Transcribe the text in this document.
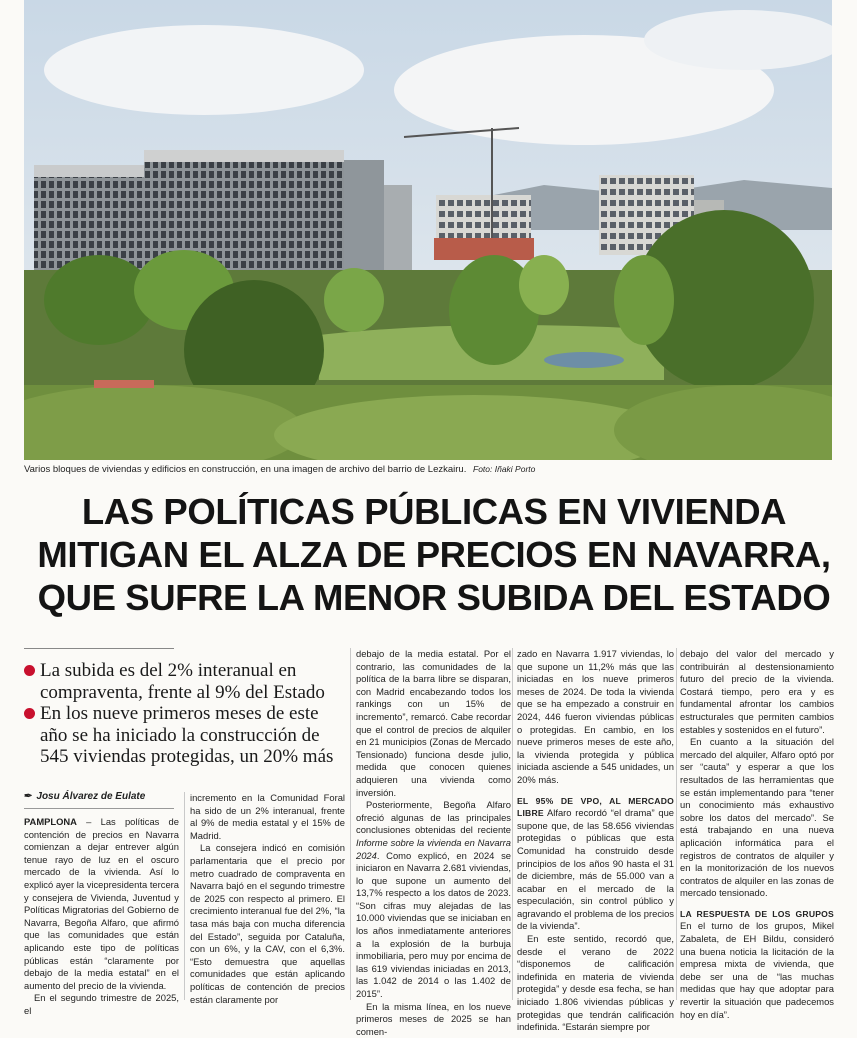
Varios bloques de viviendas y edificios en construcción, en una imagen de archivo del barrio de Lezkairu. Foto: Iñaki Porto
LAS POLÍTICAS PÚBLICAS EN VIVIENDA
MITIGAN EL ALZA DE PRECIOS EN NAVARRA,
QUE SUFRE LA MENOR SUBIDA DEL ESTADO

La subida es del 2% interanual en compraventa, frente al 9% del Estado

En los nueve primeros meses de este año se ha iniciado la construcción de 545 viviendas protegidas, un 20% más

✒ Josu Álvarez de Eulate

PAMPLONA – Las políticas de contención de precios en Navarra comienzan a dejar entrever algún tenue rayo de luz en el oscuro mercado de la vivienda. Así lo explicó ayer la vicepresidenta tercera y consejera de Vivienda, Juventud y Políticas Migratorias del Gobierno de Navarra, Begoña Alfaro, que afirmó que las comunidades que están aplicando este tipo de políticas públicas están “claramente por debajo de la media estatal” en el aumento del precio de la vivienda.

En el segundo trimestre de 2025, el

incremento en la Comunidad Foral ha sido de un 2% interanual, frente al 9% de media estatal y el 15% de Madrid.

La consejera indicó en comisión parlamentaria que el precio por metro cuadrado de compraventa en Navarra bajó en el segundo trimestre de 2025 con respecto al primero. El crecimiento interanual fue del 2%, “la tasa más baja con mucha diferencia del Estado”, seguida por Cataluña, con un 6%, y la CAV, con el 6,3%. “Esto demuestra que aquellas comunidades que están aplicando políticas de contención de precios están claramente por

debajo de la media estatal. Por el contrario, las comunidades de la política de la barra libre se disparan, con Madrid encabezando todos los rankings con un 15% de incremento”, remarcó. Cabe recordar que el control de precios de alquiler en 21 municipios (Zonas de Mercado Tensionado) funciona desde julio, medida que conocen quienes adquieren una vivienda como inversión.

Posteriormente, Begoña Alfaro ofreció algunas de las principales conclusiones obtenidas del reciente Informe sobre la vivienda en Navarra 2024. Como explicó, en 2024 se iniciaron en Navarra 2.681 viviendas, lo que supone un aumento del 13,7% respecto a los datos de 2023. “Son cifras muy alejadas de las 10.000 viviendas que se iniciaban en los años inmediatamente anteriores a la explosión de la burbuja inmobiliaria, pero muy por encima de las 619 viviendas iniciadas en 2013, las 1.042 de 2014 o las 1.402 de 2015”.

En la misma línea, en los nueve primeros meses de 2025 se han comen-

zado en Navarra 1.917 viviendas, lo que supone un 11,2% más que las iniciadas en los nueve primeros meses de 2024. De toda la vivienda que se ha empezado a construir en 2024, 446 fueron viviendas públicas o protegidas. En cambio, en los nueve primeros meses de este año, la vivienda protegida y pública iniciada asciende a 545 unidades, un 20% más.

EL 95% DE VPO, AL MERCADO LIBRE Alfaro recordó “el drama” que supone que, de las 58.656 viviendas protegidas o públicas que esta Comunidad ha construido desde principios de los años 90 hasta el 31 de diciembre, más de 55.000 van a acabar en el mercado de la especulación, sin control público y agravando el problema de los precios de la vivienda”.

En este sentido, recordó que, desde el verano de 2022 “disponemos de calificación indefinida en materia de vivienda protegida” y desde esa fecha, se han iniciado 1.806 viviendas públicas y protegidas que tendrán calificación indefinida. “Estarán siempre por

debajo del valor del mercado y contribuirán al destensionamiento futuro del precio de la vivienda. Costará tiempo, pero era y es fundamental afrontar los cambios estructurales que permiten cambios estables y sostenidos en el futuro”.

En cuanto a la situación del mercado del alquiler, Alfaro optó por ser “cauta” y esperar a que los resultados de las herramientas que se están implementando para “tener un conocimiento más exhaustivo sobre los datos del mercado”. Se está trabajando en una nueva aplicación informática para el registros de contratos de alquiler y en la monitorización de los nuevos contratos de alquiler en las zonas de mercado tensionado.

LA RESPUESTA DE LOS GRUPOS En el turno de los grupos, Mikel Zabaleta, de EH Bildu, consideró una buena noticia la licitación de la empresa mixta de vivienda, que debe ser una de “las muchas medidas que hay que adoptar para revertir la situación que padecemos hoy en día”.
